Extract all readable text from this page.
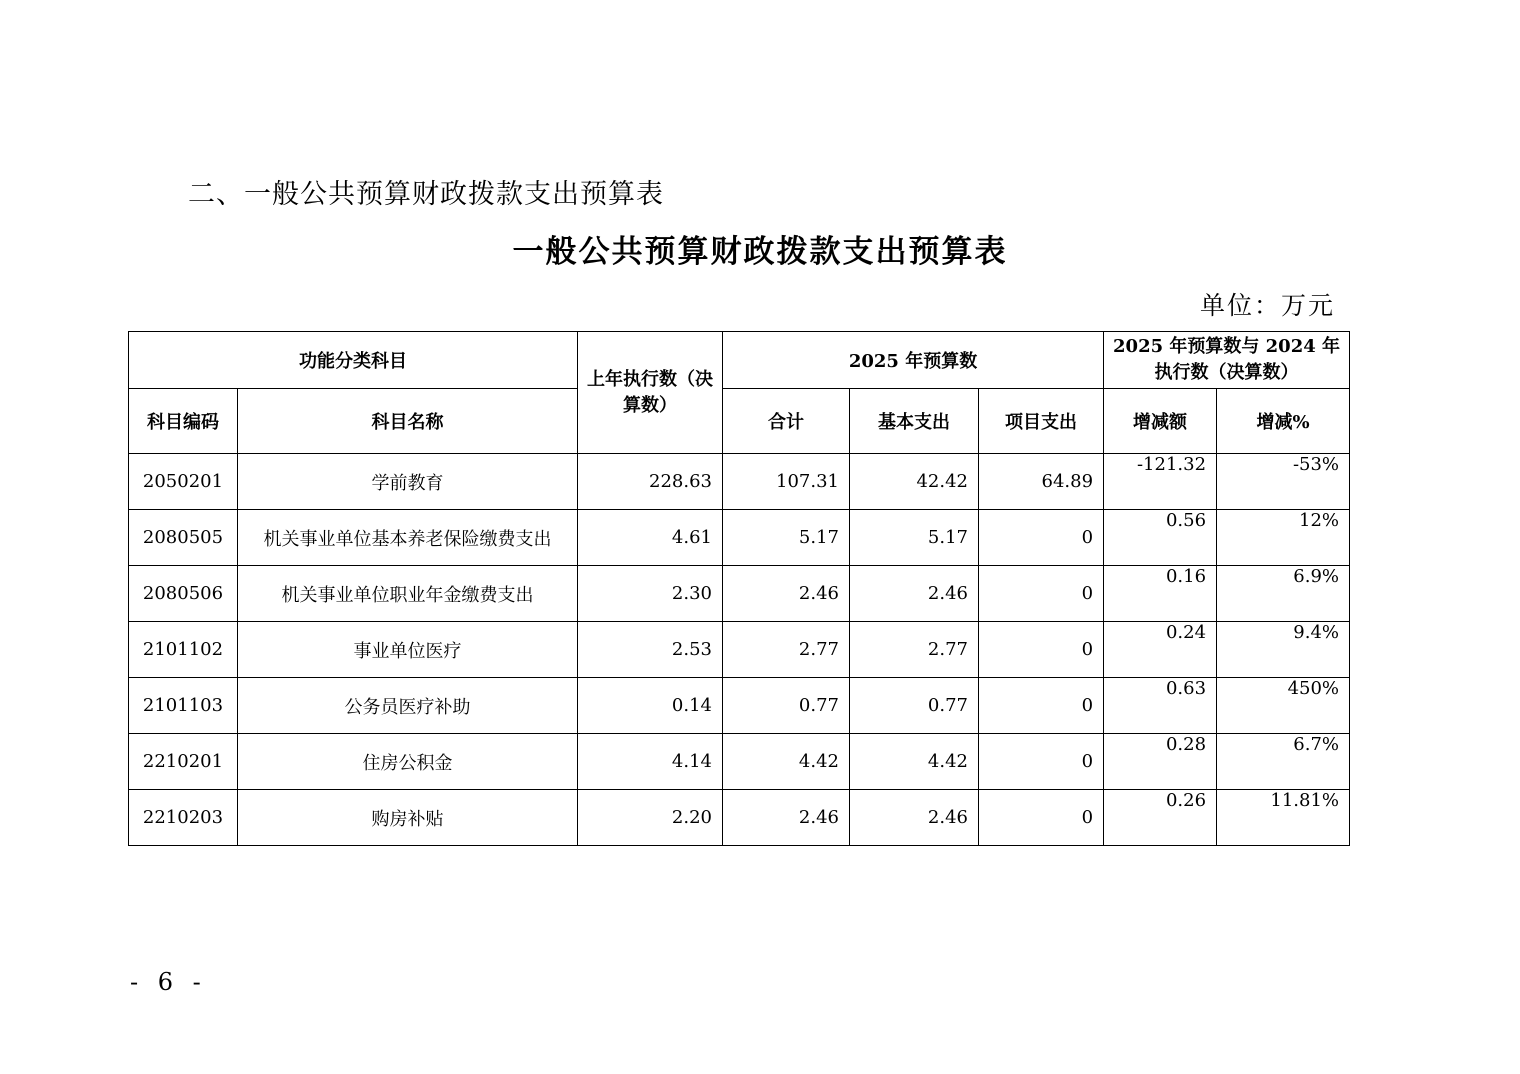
二、一般公共预算财政拨款支出预算表
一般公共预算财政拨款支出预算表
单位：万元
功能分类科目		上年执行数（决算数）	2025 年预算数			2025 年预算数与 2024 年执行数（决算数）	
科目编码	科目名称		合计	基本支出	项目支出	增减额	增减%
2050201	学前教育	228.63	107.31	42.42	64.89	-121.32	-53%
2080505	机关事业单位基本养老保险缴费支出	4.61	5.17	5.17	0	0.56	12%
2080506	机关事业单位职业年金缴费支出	2.30	2.46	2.46	0	0.16	6.9%
2101102	事业单位医疗	2.53	2.77	2.77	0	0.24	9.4%
2101103	公务员医疗补助	0.14	0.77	0.77	0	0.63	450%
2210201	住房公积金	4.14	4.42	4.42	0	0.28	6.7%
2210203	购房补贴	2.20	2.46	2.46	0	0.26	11.81%
- 6 -
